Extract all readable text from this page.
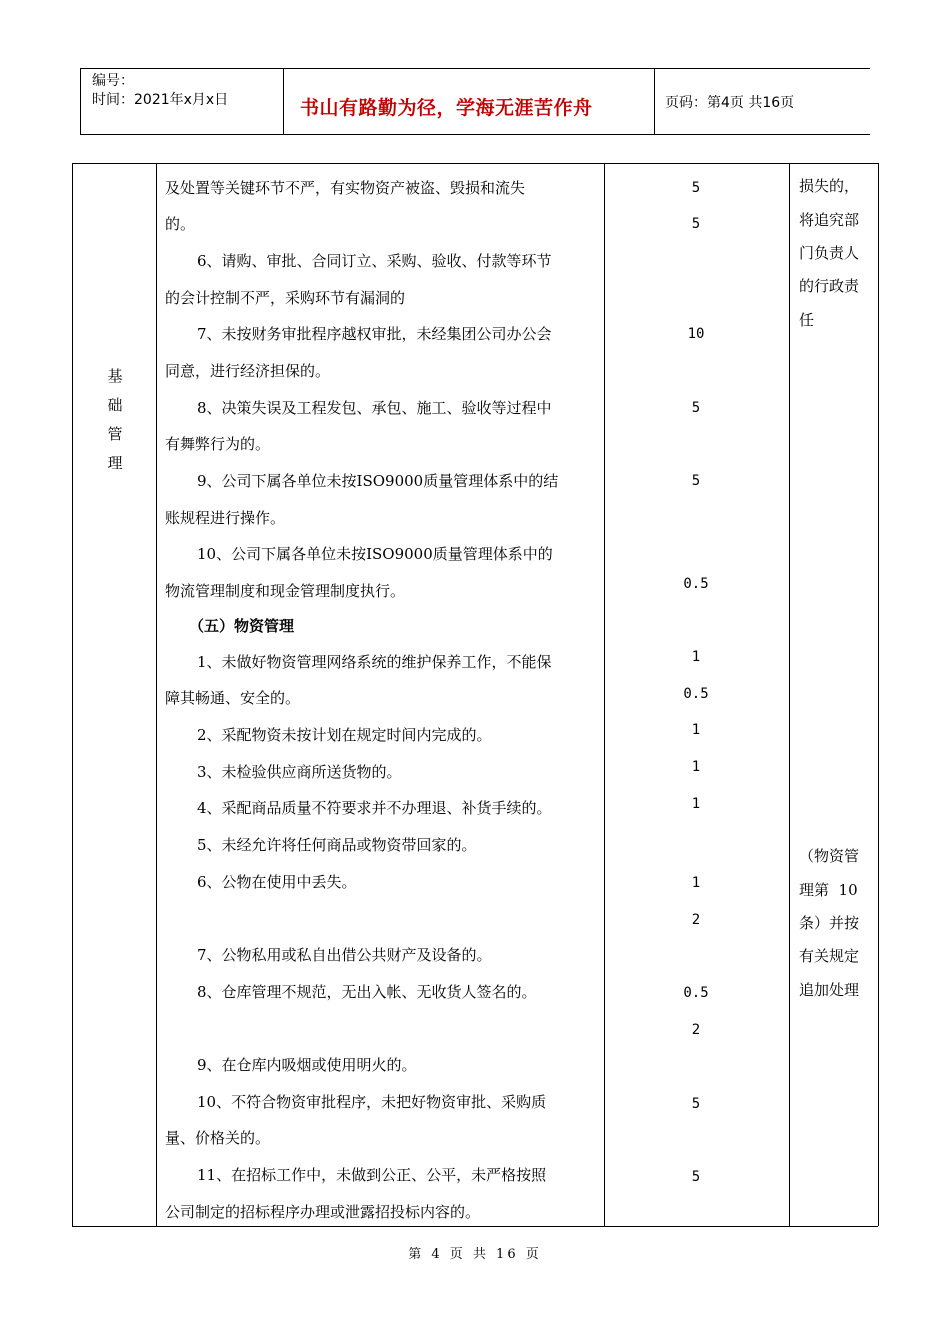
编号：
时间：2021年x月x日	书山有路勤为径，学海无涯苦作舟	页码：第4页 共16页
基
础
管
理
及处置等关键环节不严，有实物资产被盗、毁损和流失
的。
6、请购、审批、合同订立、采购、验收、付款等环节
的会计控制不严，采购环节有漏洞的
7、未按财务审批程序越权审批，未经集团公司办公会
同意，进行经济担保的。
8、决策失误及工程发包、承包、施工、验收等过程中
有舞弊行为的。
9、公司下属各单位未按ISO9000质量管理体系中的结
账规程进行操作。
10、公司下属各单位未按ISO9000质量管理体系中的
物流管理制度和现金管理制度执行。
（五）物资管理
1、未做好物资管理网络系统的维护保养工作，不能保
障其畅通、安全的。
2、采配物资未按计划在规定时间内完成的。
3、未检验供应商所送货物的。
4、采配商品质量不符要求并不办理退、补货手续的。
5、未经允许将任何商品或物资带回家的。
6、公物在使用中丢失。
7、公物私用或私自出借公共财产及设备的。
8、仓库管理不规范，无出入帐、无收货人签名的。
9、在仓库内吸烟或使用明火的。
10、不符合物资审批程序，未把好物资审批、采购质
量、价格关的。
11、在招标工作中，未做到公正、公平，未严格按照
公司制定的招标程序办理或泄露招投标内容的。
5
5
10
5
5
0.5
1
0.5
1
1
1
1
2
0.5
2
5
5
损失的，
将追究部
门负责人
的行政责
任
（物资管
理第  10
条）并按
有关规定
追加处理
第 4 页 共 16 页
